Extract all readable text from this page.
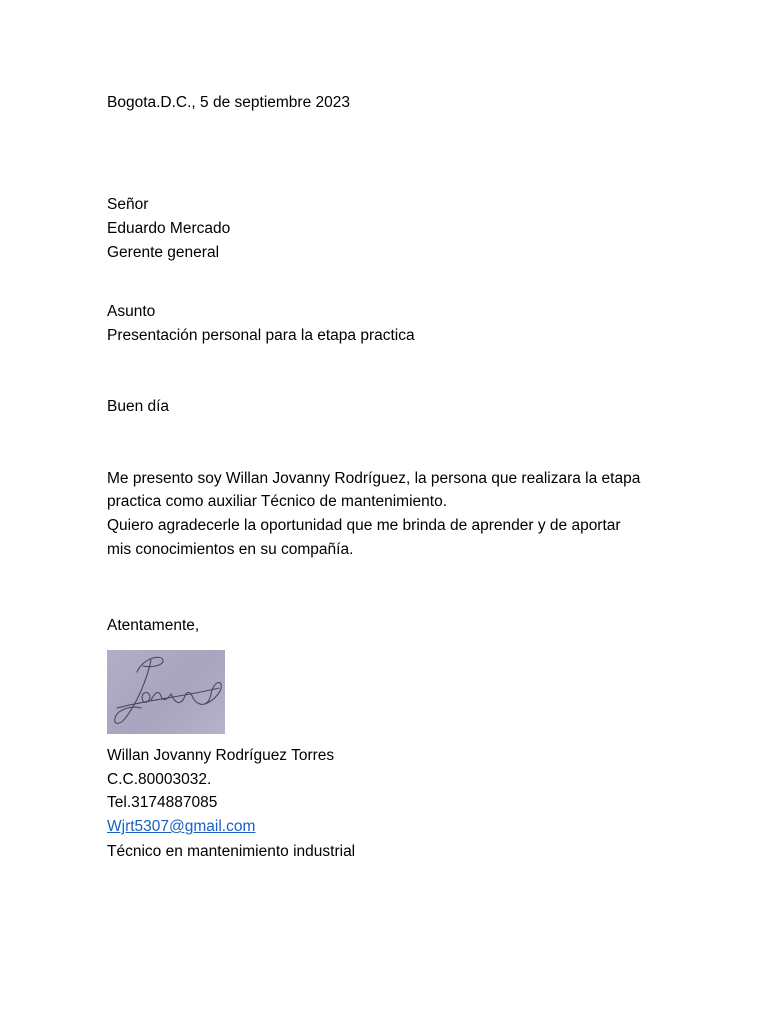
Bogota.D.C., 5 de septiembre 2023
Señor
Eduardo Mercado
Gerente general
Asunto
Presentación personal para la etapa practica
Buen día
Me presento soy Willan Jovanny Rodríguez, la persona que realizara la etapa
practica como auxiliar Técnico de mantenimiento.
Quiero agradecerle la oportunidad que me brinda de aprender y de aportar
mis conocimientos en su compañía.
Atentamente,
Willan Jovanny Rodríguez Torres
C.C.80003032.
Tel.3174887085
Wjrt5307@gmail.com
Técnico en mantenimiento industrial
